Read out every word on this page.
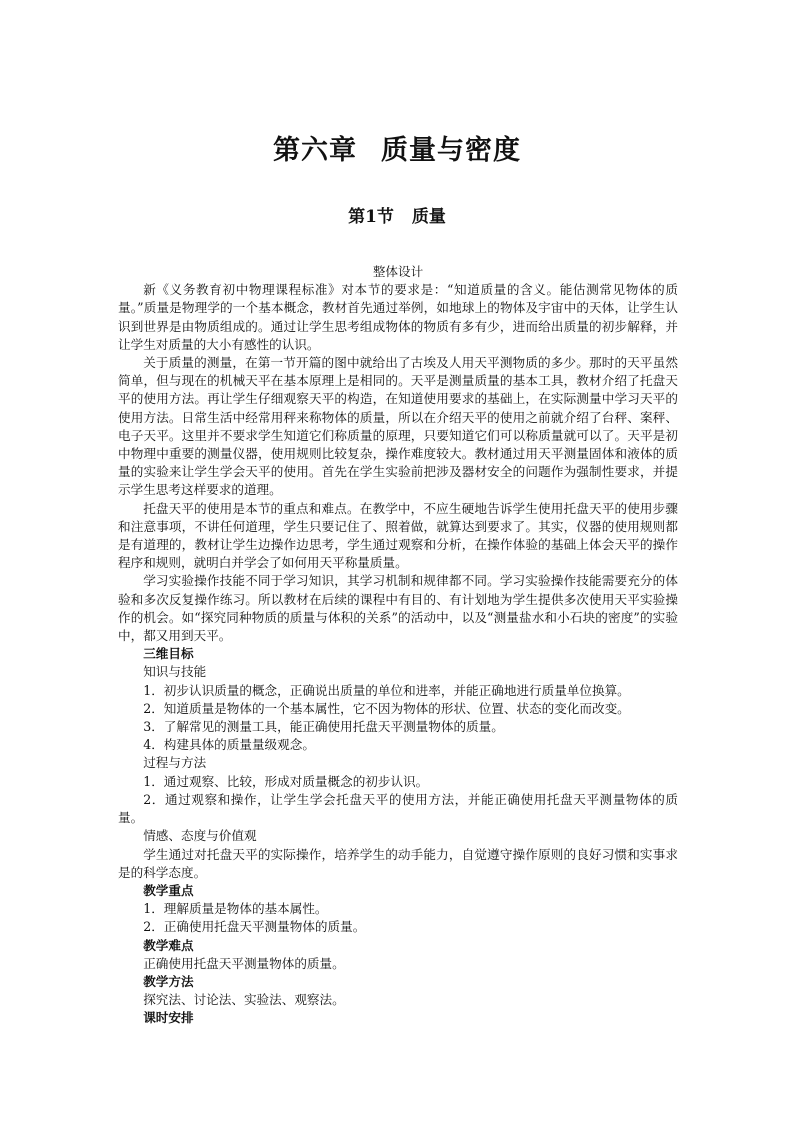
第六章 质量与密度
第1节 质量

整体设计

新《义务教育初中物理课程标准》对本节的要求是：“知道质量的含义。能估测常见物体的质量。”质量是物理学的一个基本概念，教材首先通过举例，如地球上的物体及宇宙中的天体，让学生认识到世界是由物质组成的。通过让学生思考组成物体的物质有多有少，进而给出质量的初步解释，并让学生对质量的大小有感性的认识。

关于质量的测量，在第一节开篇的图中就给出了古埃及人用天平测物质的多少。那时的天平虽然简单，但与现在的机械天平在基本原理上是相同的。天平是测量质量的基本工具，教材介绍了托盘天平的使用方法。再让学生仔细观察天平的构造，在知道使用要求的基础上，在实际测量中学习天平的使用方法。日常生活中经常用秤来称物体的质量，所以在介绍天平的使用之前就介绍了台秤、案秤、电子天平。这里并不要求学生知道它们称质量的原理，只要知道它们可以称质量就可以了。天平是初中物理中重要的测量仪器，使用规则比较复杂，操作难度较大。教材通过用天平测量固体和液体的质量的实验来让学生学会天平的使用。首先在学生实验前把涉及器材安全的问题作为强制性要求，并提示学生思考这样要求的道理。

托盘天平的使用是本节的重点和难点。在教学中，不应生硬地告诉学生使用托盘天平的使用步骤和注意事项，不讲任何道理，学生只要记住了、照着做，就算达到要求了。其实，仪器的使用规则都是有道理的，教材让学生边操作边思考，学生通过观察和分析，在操作体验的基础上体会天平的操作程序和规则，就明白并学会了如何用天平称量质量。

学习实验操作技能不同于学习知识，其学习机制和规律都不同。学习实验操作技能需要充分的体验和多次反复操作练习。所以教材在后续的课程中有目的、有计划地为学生提供多次使用天平实验操作的机会。如“探究同种物质的质量与体积的关系”的活动中，以及“测量盐水和小石块的密度”的实验中，都又用到天平。

三维目标

知识与技能

1．初步认识质量的概念，正确说出质量的单位和进率，并能正确地进行质量单位换算。

2．知道质量是物体的一个基本属性，它不因为物体的形状、位置、状态的变化而改变。

3．了解常见的测量工具，能正确使用托盘天平测量物体的质量。

4．构建具体的质量量级观念。

过程与方法

1．通过观察、比较，形成对质量概念的初步认识。

2．通过观察和操作，让学生学会托盘天平的使用方法，并能正确使用托盘天平测量物体的质量。

情感、态度与价值观

学生通过对托盘天平的实际操作，培养学生的动手能力，自觉遵守操作原则的良好习惯和实事求是的科学态度。

教学重点

1．理解质量是物体的基本属性。

2．正确使用托盘天平测量物体的质量。

教学难点

正确使用托盘天平测量物体的质量。

教学方法

探究法、讨论法、实验法、观察法。

课时安排
